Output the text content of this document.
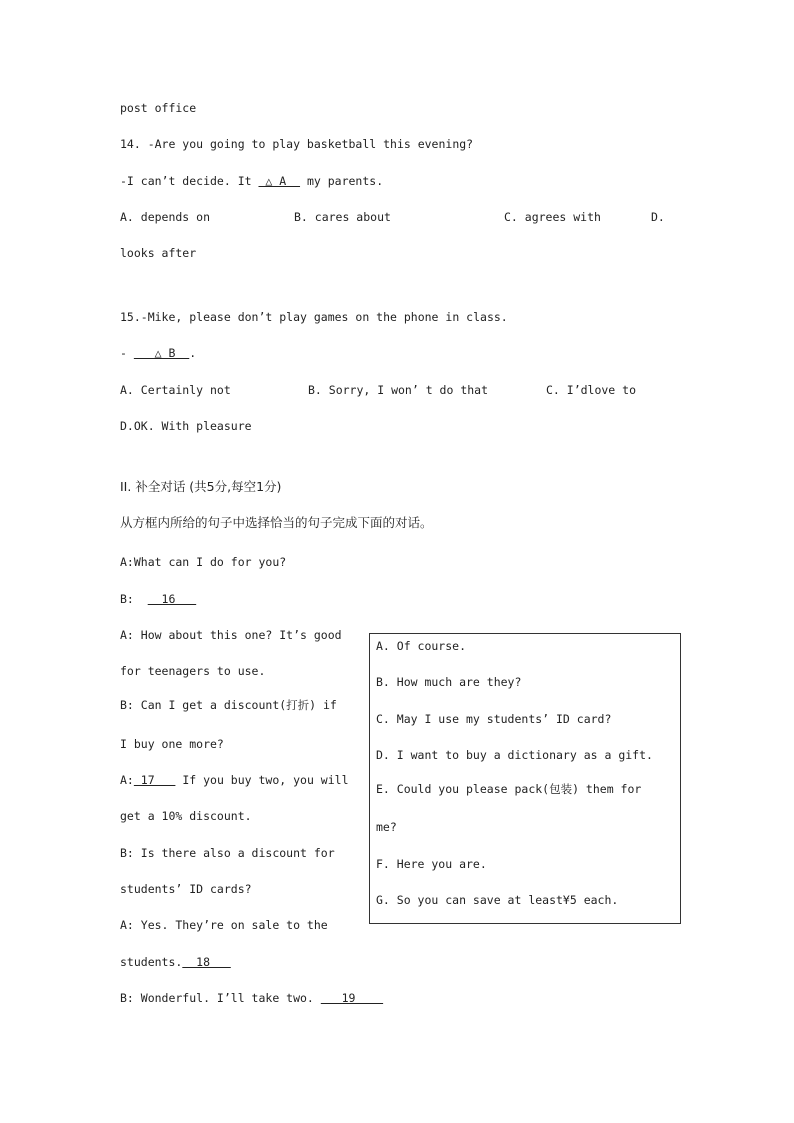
post office
14. -Are you going to play basketball this evening?
-I can’t decide. It  △ A   my parents.
A. depends on	B. cares about	C. agrees with	D.
looks after
15.-Mike, please don’t play games on the phone in class.
-    △ B  .
A. Certainly not	B. Sorry, I won’ t do that	C. I’dlove to
D.OK. With pleasure
II. 补全对话 (共5分,每空1分)
从方框内所给的句子中选择恰当的句子完成下面的对话。
A:What can I do for you?
B:    16
A: How about this one? It’s good
for teenagers to use.
B: Can I get a discount(打折) if
I buy one more?
A: 17    If you buy two, you will
get a 10% discount.
B: Is there also a discount for
students’ ID cards?
A: Yes. They’re on sale to the
students.  18
B: Wonderful. I’ll take two.    19
A. Of course.
B. How much are they?
C. May I use my students’ ID card?
D. I want to buy a dictionary as a gift.
E. Could you please pack(包装) them for
me?
F. Here you are.
G. So you can save at least¥5 each.
